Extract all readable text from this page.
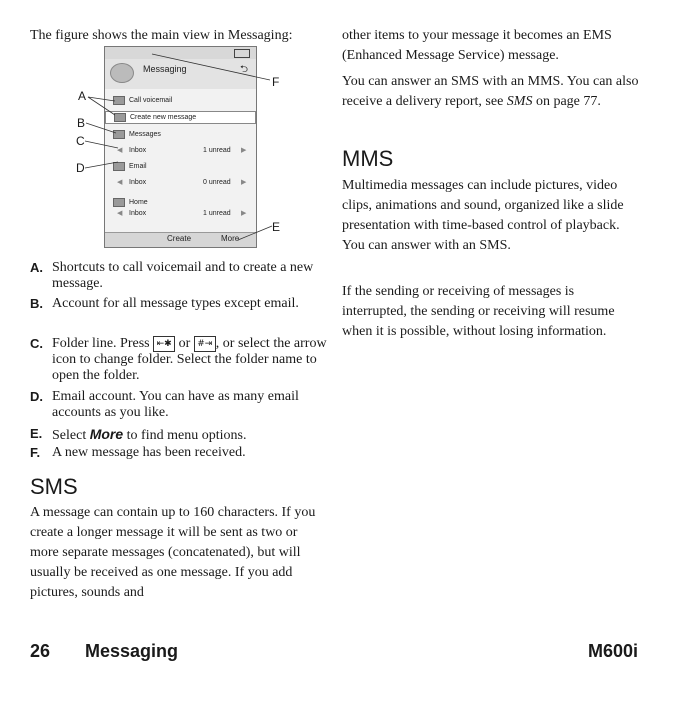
The figure shows the main view in Messaging:

Messaging	⮌
Call voicemail
Create new message
Messages
◀ Inbox	1 unread ▶
Email
◀ Inbox	0 unread ▶
Home
◀ Inbox	1 unread ▶
Create	More
A
B
C
D
E
F
A. Shortcuts to call voicemail and to create a new message.
B. Account for all message types except email.
C. Folder line. Press ⇤✱ or #⇥ , or select the arrow icon to change folder. Select the folder name to open the folder.
D. Email account. You can have as many email accounts as you like.
E. Select More to find menu options.
F. A new message has been received.
SMS

A message can contain up to 160 characters. If you create a longer message it will be sent as two or more separate messages (concatenated), but will usually be received as one message. If you add pictures, sounds and

other items to your message it becomes an EMS (Enhanced Message Service) message.

You can answer an SMS with an MMS. You can also receive a delivery report, see SMS on page 77.

MMS

Multimedia messages can include pictures, video clips, animations and sound, organized like a slide presentation with time-based control of playback. You can answer with an SMS.

If the sending or receiving of messages is interrupted, the sending or receiving will resume when it is possible, without losing information.

26 Messaging	M600i
